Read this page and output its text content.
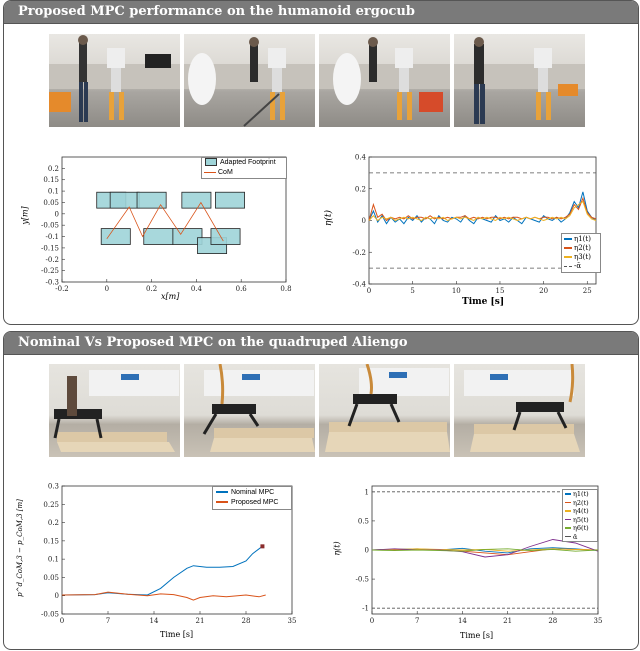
Proposed MPC performance on the humanoid ergocub
-0.2	0	0.2	0.4	0.6	0.8
0.2
0.15
0.1
0.05
0
-0.05
-0.1
-0.15
-0.2
-0.25
-0.3
Adapted Footprint
CoM
x[m]
y[m]
0	5	10	15	20	25
0.4
0.2
0
-0.2
-0.4
η1(t)
η2(t)
η3(t)
-ᾱ
Time [s]
η(t)
Nominal Vs Proposed MPC on the quadruped Aliengo
0	7	14	21	28	35
0.3
0.25
0.2
0.15
0.1
0.05
0
-0.05
Nominal MPC
Proposed MPC
Time [s]
p^d_CoM,3 − p_CoM,3 [m]
0	7	14	21	28	35
1
0.5
0
-0.5
-1
η1(t)
η2(t)
η4(t)
η5(t)
η6(t)
ᾱ
Time [s]
η(t)
